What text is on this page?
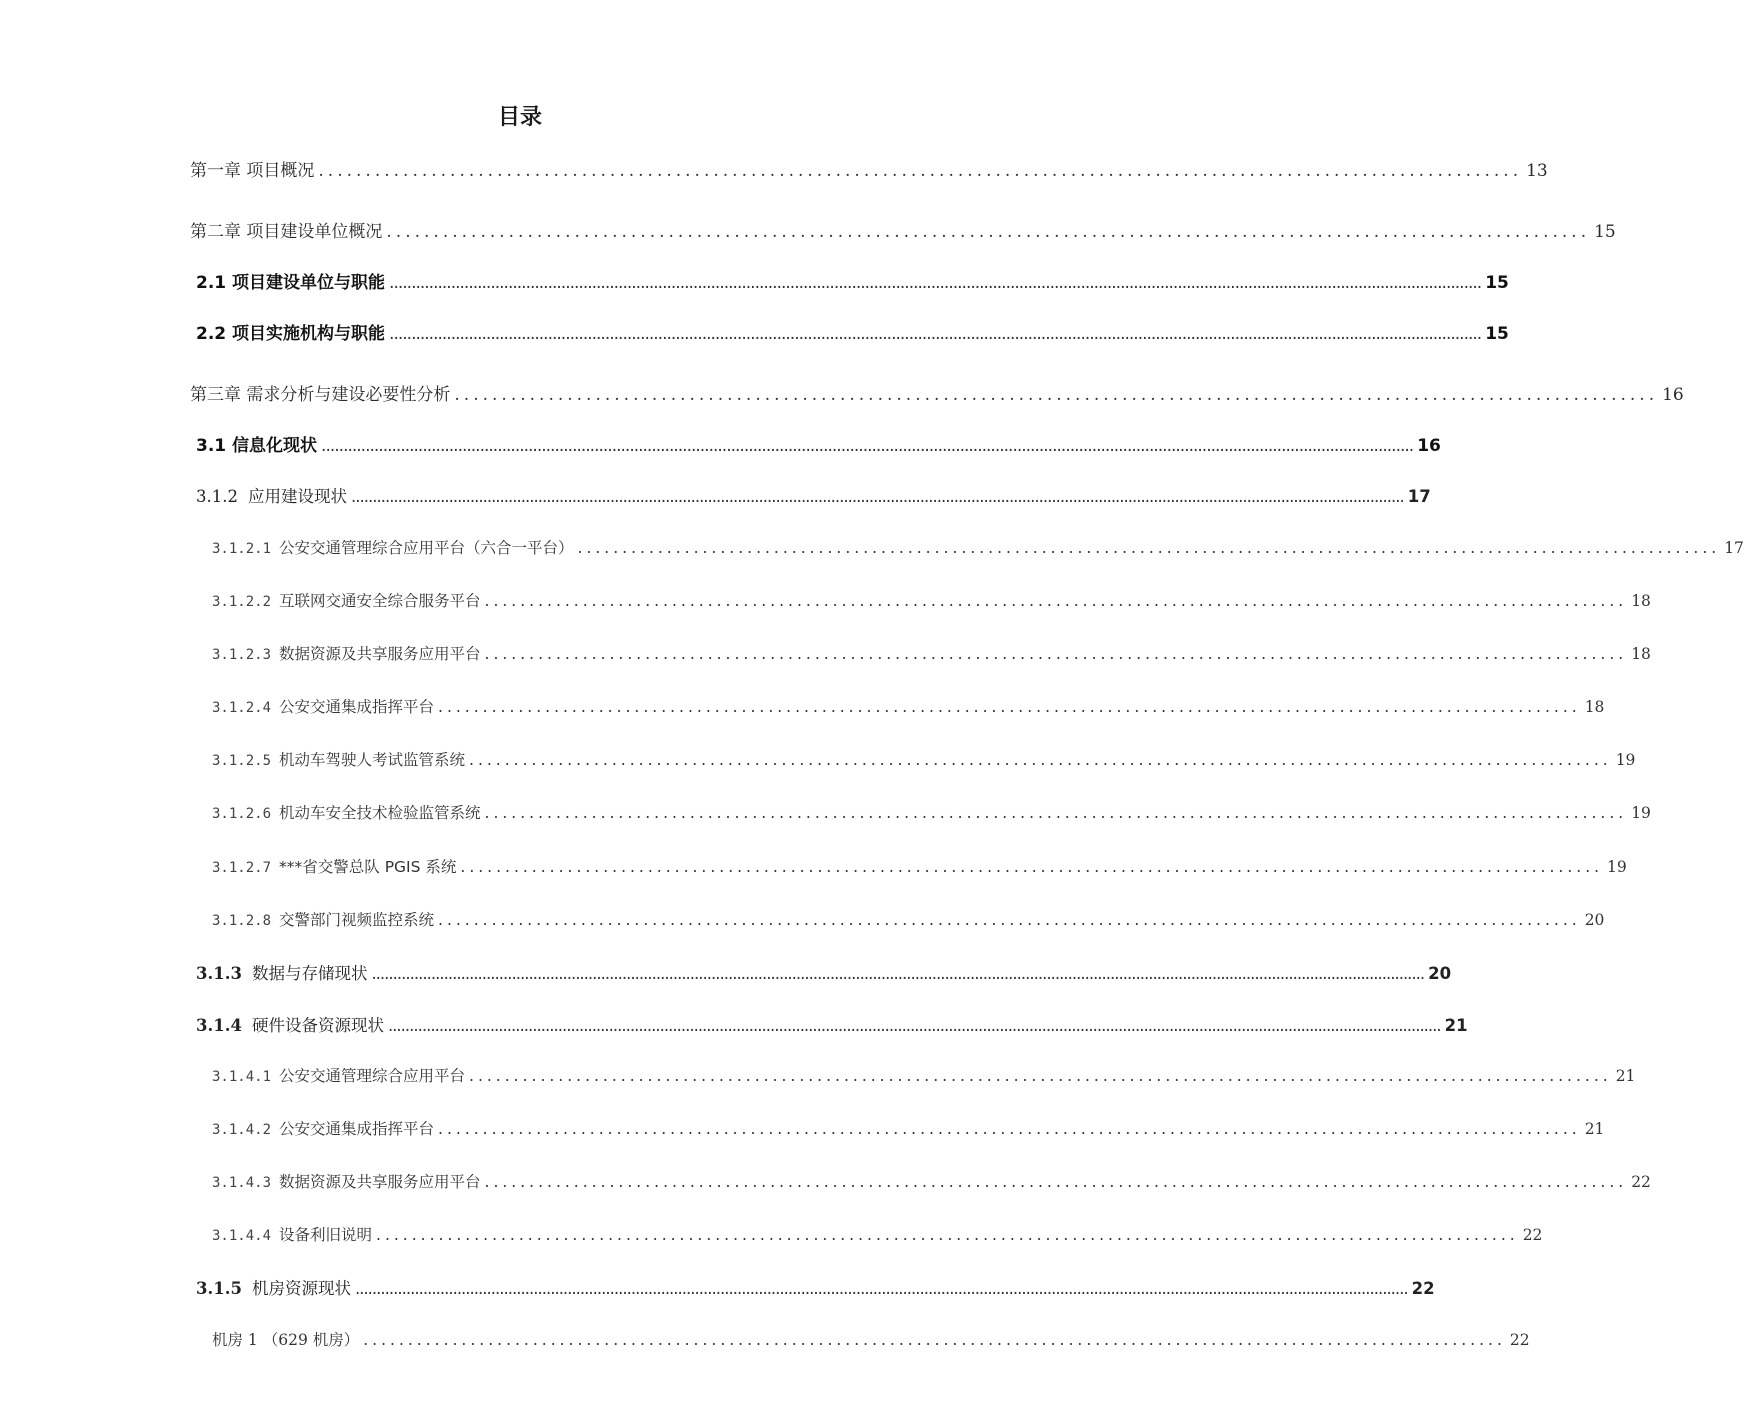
目录
第一章 项目概况 ................................................................................................................................ 13
第二章 项目建设单位概况 ................................................................................................................................ 15
2.1 项目建设单位与职能 ........................................................................................................................................................................................................................................................ 15
2.2 项目实施机构与职能 ........................................................................................................................................................................................................................................................ 15
第三章 需求分析与建设必要性分析 ................................................................................................................................ 16
3.1 信息化现状 ........................................................................................................................................................................................................................................................ 16
3.1.2 应用建设现状 ........................................................................................................................................................................................................................................................ 17
3.1.2.1 公安交通管理综合应用平台（六合一平台） ................................................................................................................................ 17
3.1.2.2 互联网交通安全综合服务平台 ................................................................................................................................ 18
3.1.2.3 数据资源及共享服务应用平台 ................................................................................................................................ 18
3.1.2.4 公安交通集成指挥平台 ................................................................................................................................ 18
3.1.2.5 机动车驾驶人考试监管系统 ................................................................................................................................ 19
3.1.2.6 机动车安全技术检验监管系统 ................................................................................................................................ 19
3.1.2.7 ***省交警总队 PGIS 系统 ................................................................................................................................ 19
3.1.2.8 交警部门视频监控系统 ................................................................................................................................ 20
3.1.3 数据与存储现状 ........................................................................................................................................................................................................................................................ 20
3.1.4 硬件设备资源现状 ........................................................................................................................................................................................................................................................ 21
3.1.4.1 公安交通管理综合应用平台 ................................................................................................................................ 21
3.1.4.2 公安交通集成指挥平台 ................................................................................................................................ 21
3.1.4.3 数据资源及共享服务应用平台 ................................................................................................................................ 22
3.1.4.4 设备利旧说明 ................................................................................................................................ 22
3.1.5 机房资源现状 ........................................................................................................................................................................................................................................................ 22
机房 1 （629 机房） ................................................................................................................................ 22
